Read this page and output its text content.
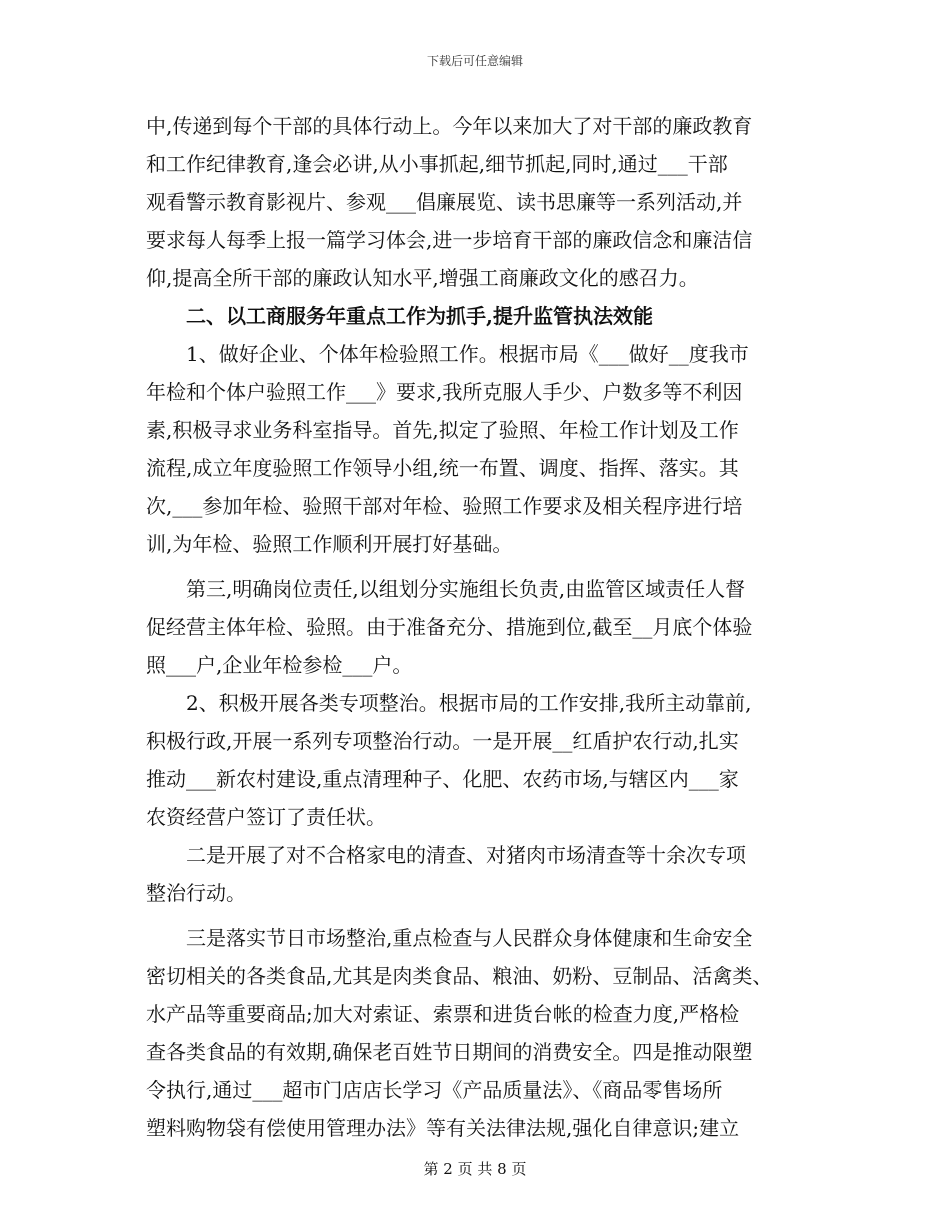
下载后可任意编辑
中,传递到每个干部的具体行动上。今年以来加大了对干部的廉政教育
和工作纪律教育,逢会必讲,从小事抓起,细节抓起,同时,通过___干部
观看警示教育影视片、参观___倡廉展览、读书思廉等一系列活动,并
要求每人每季上报一篇学习体会,进一步培育干部的廉政信念和廉洁信
仰,提高全所干部的廉政认知水平,增强工商廉政文化的感召力。
二、以工商服务年重点工作为抓手,提升监管执法效能
1、做好企业、个体年检验照工作。根据市局《___做好__度我市
年检和个体户验照工作___》要求,我所克服人手少、户数多等不利因
素,积极寻求业务科室指导。首先,拟定了验照、年检工作计划及工作
流程,成立年度验照工作领导小组,统一布置、调度、指挥、落实。其
次,___参加年检、验照干部对年检、验照工作要求及相关程序进行培
训,为年检、验照工作顺利开展打好基础。
第三,明确岗位责任,以组划分实施组长负责,由监管区域责任人督
促经营主体年检、验照。由于准备充分、措施到位,截至__月底个体验
照___户,企业年检参检___户。
2、积极开展各类专项整治。根据市局的工作安排,我所主动靠前,
积极行政,开展一系列专项整治行动。一是开展__红盾护农行动,扎实
推动___新农村建设,重点清理种子、化肥、农药市场,与辖区内___家
农资经营户签订了责任状。
二是开展了对不合格家电的清查、对猪肉市场清查等十余次专项
整治行动。
三是落实节日市场整治,重点检查与人民群众身体健康和生命安全
密切相关的各类食品,尤其是肉类食品、粮油、奶粉、豆制品、活禽类、
水产品等重要商品;加大对索证、索票和进货台帐的检查力度,严格检
查各类食品的有效期,确保老百姓节日期间的消费安全。四是推动限塑
令执行,通过___超市门店店长学习《产品质量法》、《商品零售场所
塑料购物袋有偿使用管理办法》等有关法律法规,强化自律意识;建立
第 2 页 共 8 页
